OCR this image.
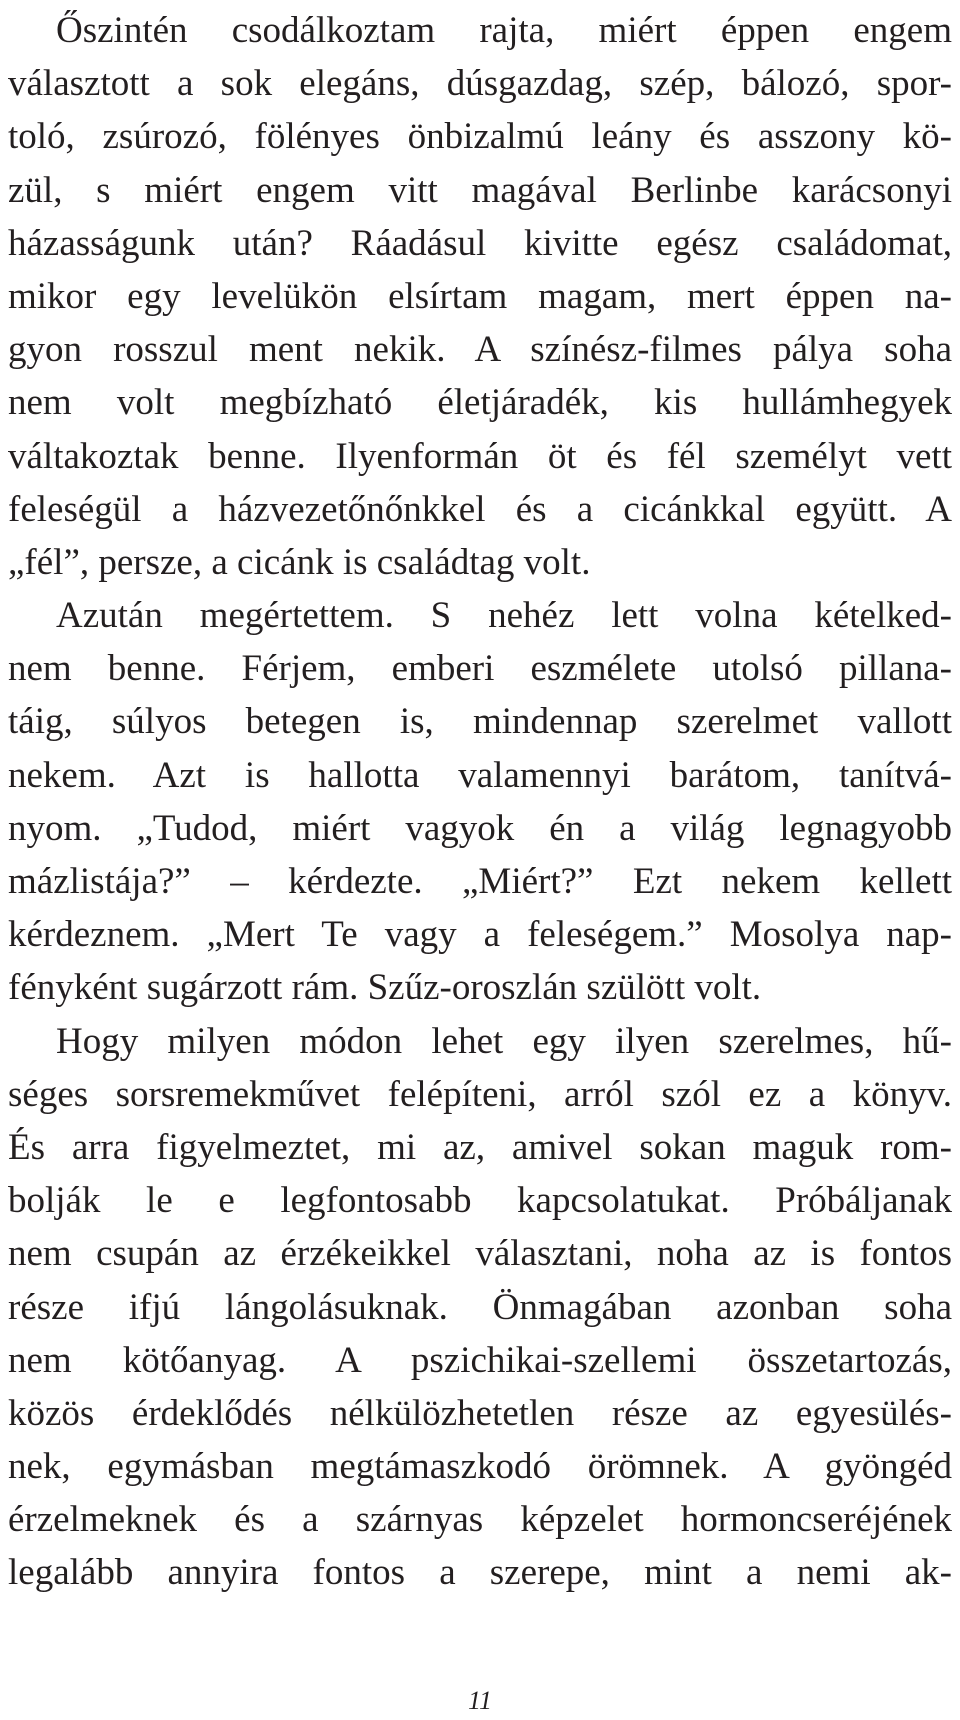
Őszintén csodálkoztam rajta, miért éppen engem
választott a sok elegáns, dúsgazdag, szép, bálozó, spor-
toló, zsúrozó, fölényes önbizalmú leány és asszony kö-
zül, s miért engem vitt magával Berlinbe karácsonyi
házasságunk után? Ráadásul kivitte egész családomat,
mikor egy levelükön elsírtam magam, mert éppen na-
gyon rosszul ment nekik. A színész-filmes pálya soha
nem volt megbízható életjáradék, kis hullámhegyek
váltakoztak benne. Ilyenformán öt és fél személyt vett
feleségül a házvezetőnőnkkel és a cicánkkal együtt. A
„fél”, persze, a cicánk is családtag volt.
Azután megértettem. S nehéz lett volna kételked-
nem benne. Férjem, emberi eszmélete utolsó pillana-
táig, súlyos betegen is, mindennap szerelmet vallott
nekem. Azt is hallotta valamennyi barátom, tanítvá-
nyom. „Tudod, miért vagyok én a világ legnagyobb
mázlistája?” – kérdezte. „Miért?” Ezt nekem kellett
kérdeznem. „Mert Te vagy a feleségem.” Mosolya nap-
fényként sugárzott rám. Szűz-oroszlán szülött volt.
Hogy milyen módon lehet egy ilyen szerelmes, hű-
séges sorsremekművet felépíteni, arról szól ez a könyv.
És arra figyelmeztet, mi az, amivel sokan maguk rom-
bolják le e legfontosabb kapcsolatukat. Próbáljanak
nem csupán az érzékeikkel választani, noha az is fontos
része ifjú lángolásuknak. Önmagában azonban soha
nem kötőanyag. A pszichikai-szellemi összetartozás,
közös érdeklődés nélkülözhetetlen része az egyesülés-
nek, egymásban megtámaszkodó örömnek. A gyöngéd
érzelmeknek és a szárnyas képzelet hormoncseréjének
legalább annyira fontos a szerepe, mint a nemi ak-
11
